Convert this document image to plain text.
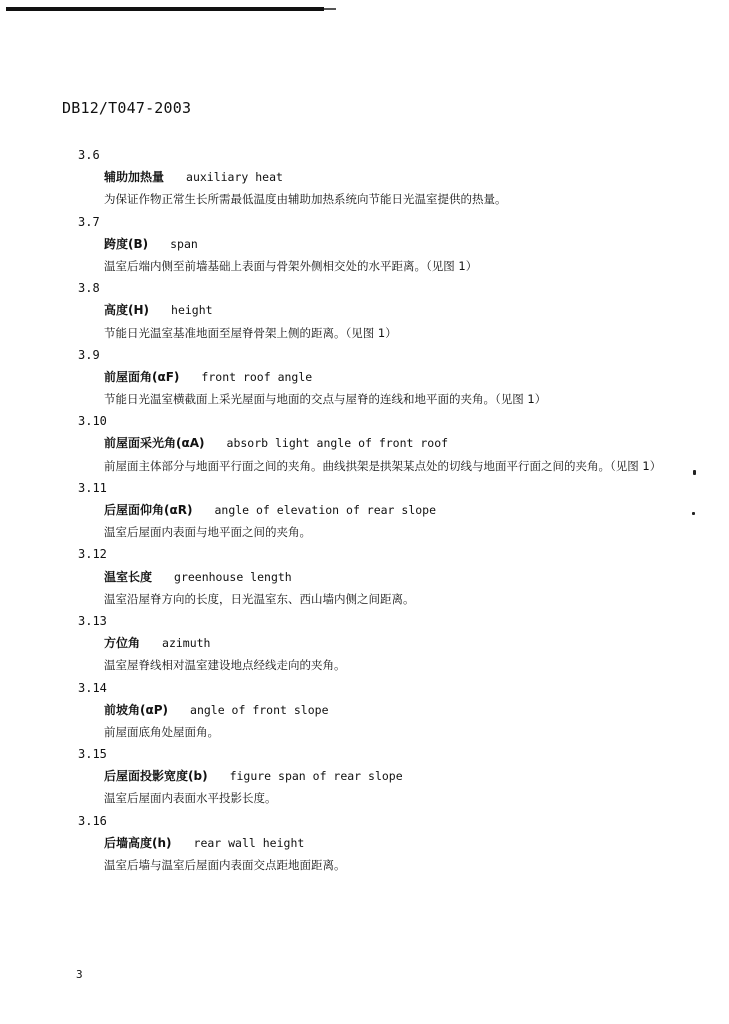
DB12/T047-2003
3.6
辅助加热量 auxiliary heat
为保证作物正常生长所需最低温度由辅助加热系统向节能日光温室提供的热量。
3.7
跨度(B) span
温室后端内侧至前墙基础上表面与骨架外侧相交处的水平距离。（见图 1）
3.8
高度(H) height
节能日光温室基准地面至屋脊骨架上侧的距离。（见图 1）
3.9
前屋面角(αF) front roof angle
节能日光温室横截面上采光屋面与地面的交点与屋脊的连线和地平面的夹角。（见图 1）
3.10
前屋面采光角(αA) absorb light angle of front roof
前屋面主体部分与地面平行面之间的夹角。曲线拱架是拱架某点处的切线与地面平行面之间的夹角。（见图 1）
3.11
后屋面仰角(αR) angle of elevation of rear slope
温室后屋面内表面与地平面之间的夹角。
3.12
温室长度 greenhouse length
温室沿屋脊方向的长度，日光温室东、西山墙内侧之间距离。
3.13
方位角 azimuth
温室屋脊线相对温室建设地点经线走向的夹角。
3.14
前坡角(αP) angle of front slope
前屋面底角处屋面角。
3.15
后屋面投影宽度(b) figure span of rear slope
温室后屋面内表面水平投影长度。
3.16
后墙高度(h) rear wall height
温室后墙与温室后屋面内表面交点距地面距离。
3
